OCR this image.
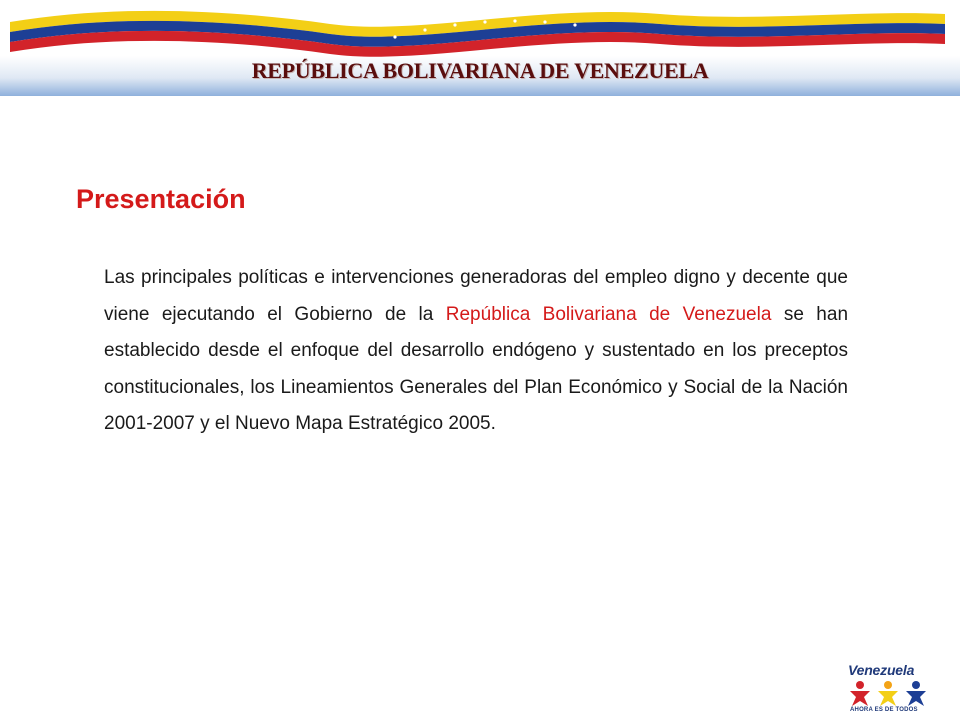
REPÚBLICA BOLIVARIANA DE VENEZUELA
Presentación
Las principales políticas e intervenciones generadoras del empleo digno y decente que viene ejecutando el Gobierno de la República Bolivariana de Venezuela se han establecido desde el enfoque del desarrollo endógeno y sustentado en los preceptos constitucionales, los Lineamientos Generales del Plan Económico y Social de la Nación 2001-2007 y el Nuevo Mapa Estratégico 2005.
Venezuela
AHORA ES DE TODOS
